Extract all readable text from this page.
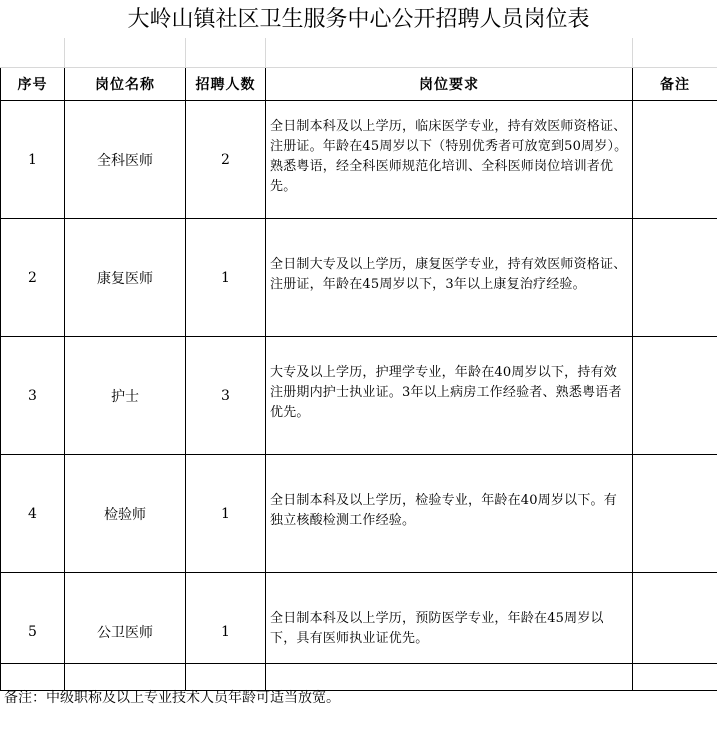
大岭山镇社区卫生服务中心公开招聘人员岗位表

序号	岗位名称	招聘人数	岗位要求	备注
1	全科医师	2	全日制本科及以上学历，临床医学专业，持有效医师资格证、注册证。年龄在45周岁以下（特别优秀者可放宽到50周岁）。熟悉粤语，经全科医师规范化培训、全科医师岗位培训者优先。	
2	康复医师	1	全日制大专及以上学历，康复医学专业，持有效医师资格证、注册证，年龄在45周岁以下，3年以上康复治疗经验。	
3	护士	3	大专及以上学历，护理学专业，年龄在40周岁以下，持有效注册期内护士执业证。3年以上病房工作经验者、熟悉粤语者优先。	
4	检验师	1	全日制本科及以上学历，检验专业，年龄在40周岁以下。有独立核酸检测工作经验。	
5	公卫医师	1	全日制本科及以上学历，预防医学专业，年龄在45周岁以下，具有医师执业证优先。	
备注：中级职称及以上专业技术人员年龄可适当放宽。
